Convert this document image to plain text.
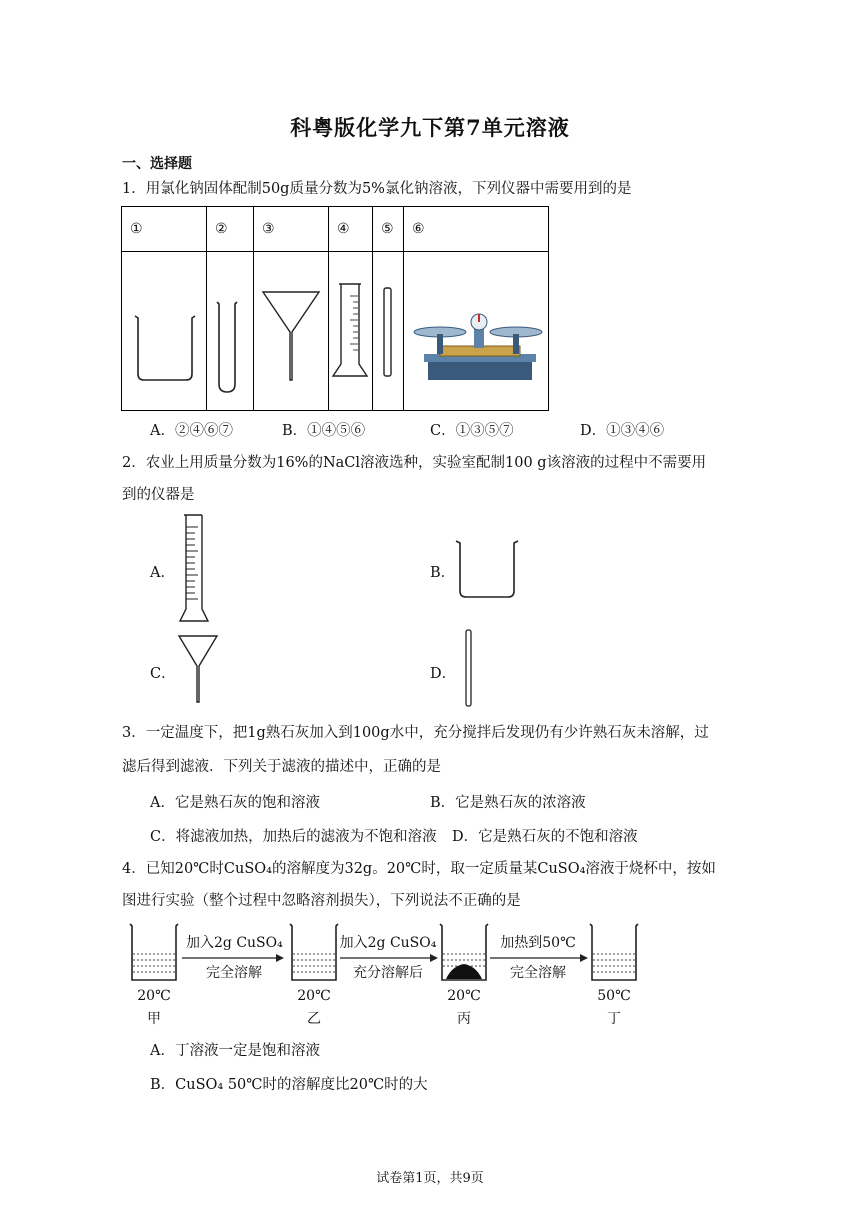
科粤版化学九下第7单元溶液
一、选择题
1．用氯化钠固体配制50g质量分数为5%氯化钠溶液，下列仪器中需要用到的是
①	②	③	④	⑤	⑥

A．②④⑥⑦	B．①④⑤⑥	C．①③⑤⑦	D．①③④⑥
2．农业上用质量分数为16%的NaCl溶液选种，实验室配制100 g该溶液的过程中不需要用
到的仪器是
A．	B．
C．	D．
3．一定温度下，把1g熟石灰加入到100g水中，充分搅拌后发现仍有少许熟石灰未溶解，过
滤后得到滤液．下列关于滤液的描述中，正确的是
A．它是熟石灰的饱和溶液	B．它是熟石灰的浓溶液
C．将滤液加热，加热后的滤液为不饱和溶液 D．它是熟石灰的不饱和溶液
4．已知20℃时CuSO₄的溶解度为32g。20℃时，取一定质量某CuSO₄溶液于烧杯中，按如
图进行实验（整个过程中忽略溶剂损失），下列说法不正确的是
加入2g CuSO₄
完全溶解
加入2g CuSO₄
充分溶解后
加热到50℃
完全溶解
20℃
甲
20℃
乙
20℃
丙
50℃
丁
A．丁溶液一定是饱和溶液
B．CuSO₄ 50℃时的溶解度比20℃时的大
试卷第1页，共9页
